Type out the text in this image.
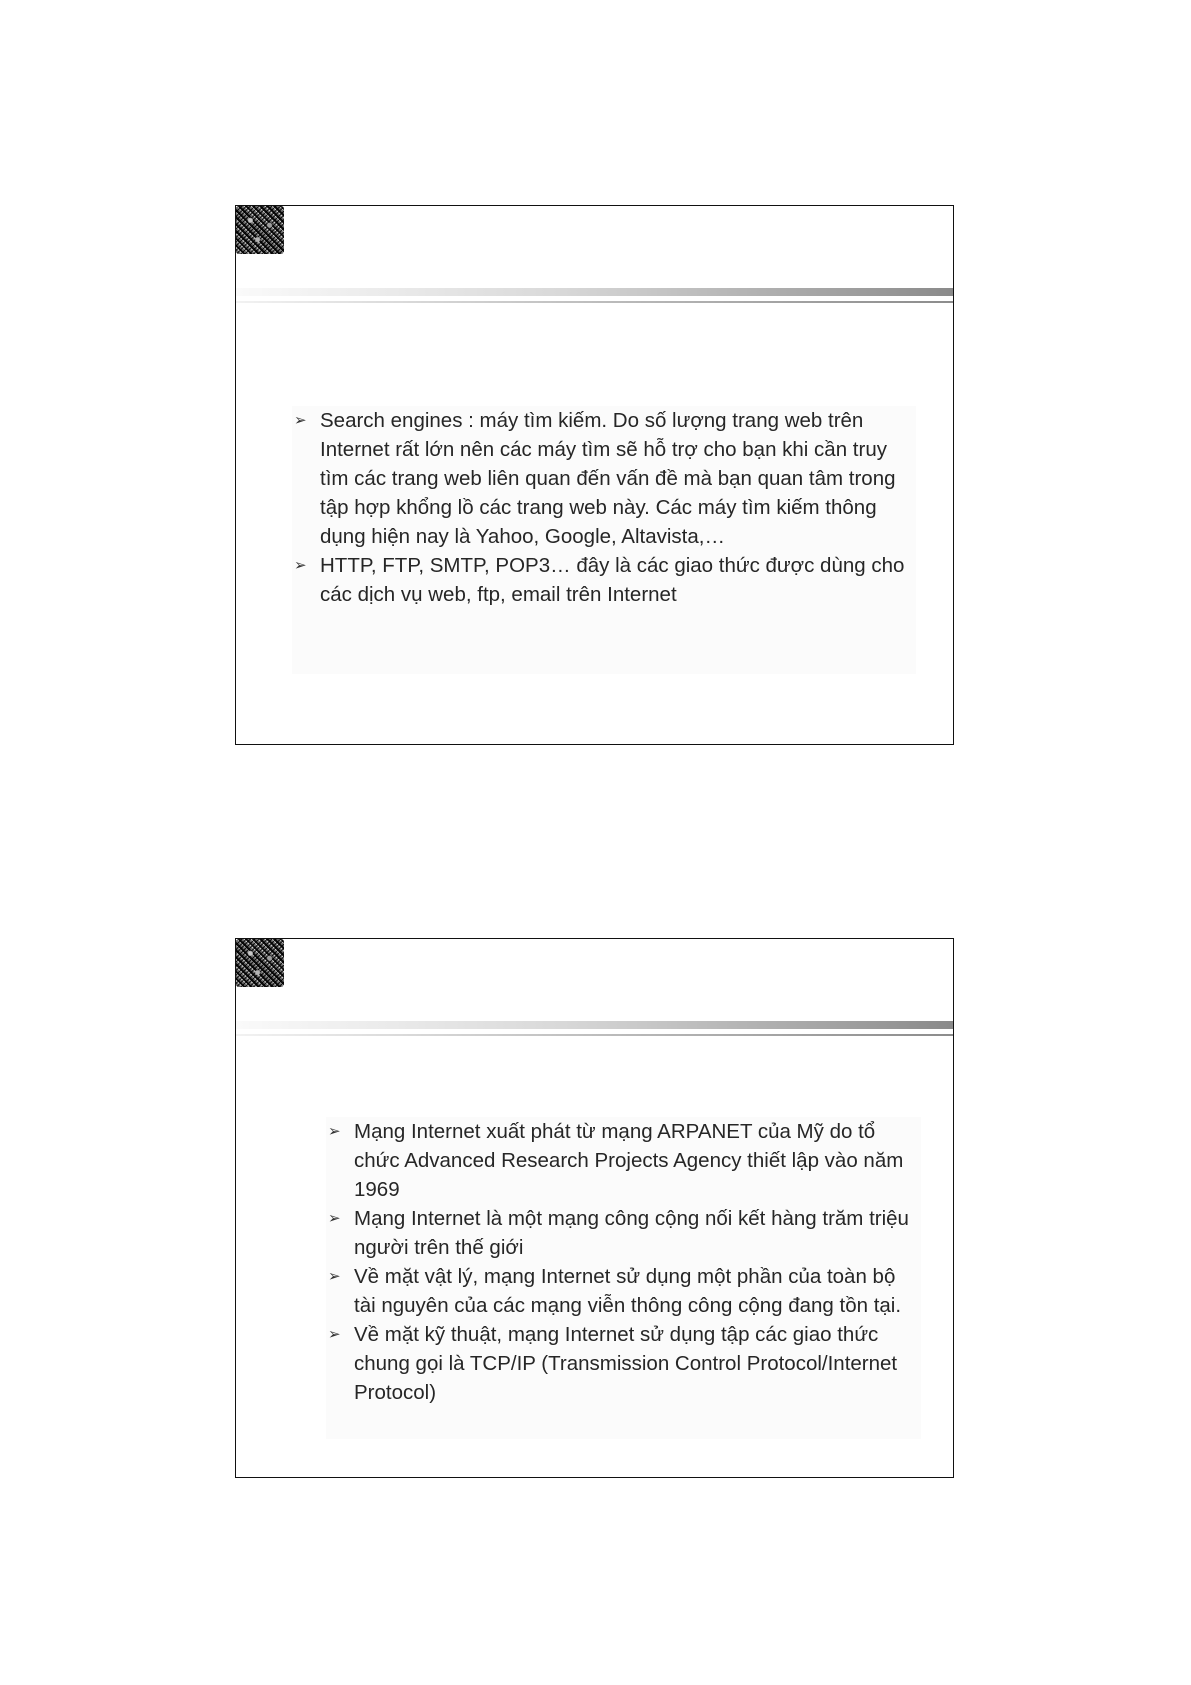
➢ Search engines : máy tìm kiếm. Do số lượng trang web trên Internet rất lớn nên các máy tìm sẽ hỗ trợ cho bạn khi cần truy tìm các trang web liên quan đến vấn đề mà bạn quan tâm trong tập hợp khổng lồ các trang web này. Các máy tìm kiếm thông dụng hiện nay là Yahoo, Google, Altavista,…
➢ HTTP, FTP, SMTP, POP3… đây là các giao thức được dùng cho các dịch vụ web, ftp, email trên Internet
➢ Mạng Internet xuất phát từ mạng ARPANET của Mỹ do tổ chức Advanced Research Projects Agency thiết lập vào năm 1969
➢ Mạng Internet là một mạng công cộng nối kết hàng trăm triệu người trên thế giới
➢ Về mặt vật lý, mạng Internet sử dụng một phần của toàn bộ tài nguyên của các mạng viễn thông công cộng đang tồn tại.
➢ Về mặt kỹ thuật, mạng Internet sử dụng tập các giao thức chung gọi là TCP/IP (Transmission Control Protocol/Internet Protocol)
